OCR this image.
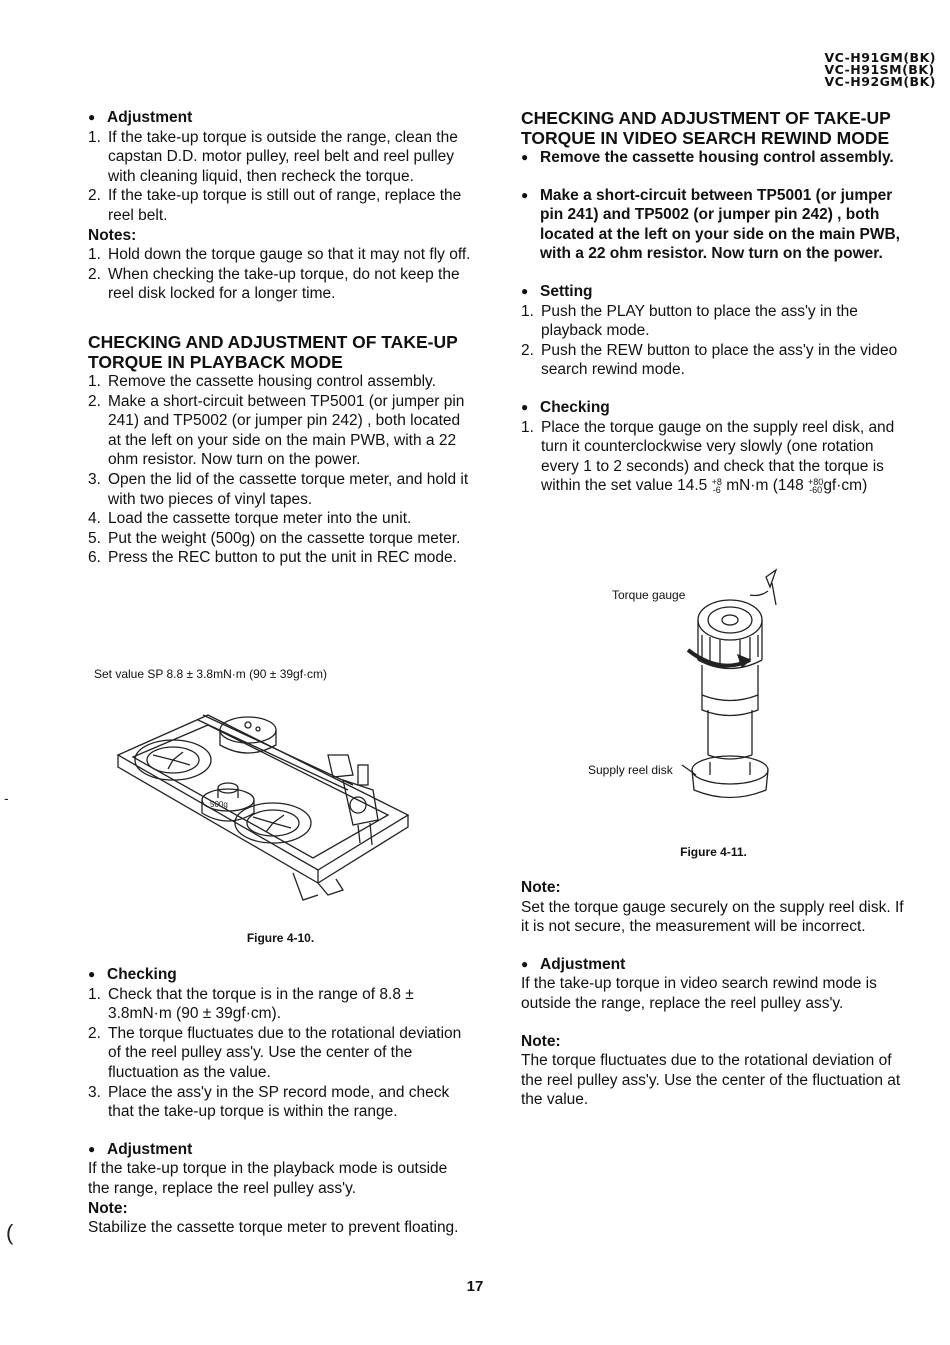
VC-H91GM(BK)
VC-H91SM(BK)
VC-H92GM(BK)

● Adjustment

1. If the take-up torque is outside the range, clean the capstan D.D. motor pulley, reel belt and reel pulley with cleaning liquid, then recheck the torque.
2. If the take-up torque is still out of range, replace the reel belt.

Notes:

1. Hold down the torque gauge so that it may not fly off.
2. When checking the take-up torque, do not keep the reel disk locked for a longer time.

CHECKING AND ADJUSTMENT OF TAKE-UP
TORQUE IN PLAYBACK MODE

1. Remove the cassette housing control assembly.
2. Make a short-circuit between TP5001 (or jumper pin 241) and TP5002 (or jumper pin 242) , both located at the left on your side on the main PWB, with a 22 ohm resistor. Now turn on the power.
3. Open the lid of the cassette torque meter, and hold it with two pieces of vinyl tapes.
4. Load the cassette torque meter into the unit.
5. Put the weight (500g) on the cassette torque meter.
6. Press the REC button to put the unit in REC mode.
Set value SP 8.8 ± 3.8mN·m (90 ± 39gf·cm)
500g
Figure 4-10.

● Checking

1. Check that the torque is in the range of 8.8 ± 3.8mN·m (90 ± 39gf·cm).
2. The torque fluctuates due to the rotational deviation of the reel pulley ass'y. Use the center of the fluctuation as the value.
3. Place the ass'y in the SP record mode, and check that the take-up torque is within the range.

● Adjustment

If the take-up torque in the playback mode is outside the range, replace the reel pulley ass'y.

Note:

Stabilize the cassette torque meter to prevent floating.

CHECKING AND ADJUSTMENT OF TAKE-UP
TORQUE IN VIDEO SEARCH REWIND MODE

● Remove the cassette housing control assembly.

● Make a short-circuit between TP5001 (or jumper pin 241) and TP5002 (or jumper pin 242) , both located at the left on your side on the main PWB, with a 22 ohm resistor. Now turn on the power.

● Setting

1. Push the PLAY button to place the ass'y in the playback mode.
2. Push the REW button to place the ass'y in the video search rewind mode.

● Checking

1. Place the torque gauge on the supply reel disk, and turn it counterclockwise very slowly (one rotation every 1 to 2 seconds) and check that the torque is within the set value 14.5 +8
-6 mN·m (148 +80
-60gf·cm)
Torque gauge
Supply reel disk
Figure 4-11.

Note:

Set the torque gauge securely on the supply reel disk. If it is not secure, the measurement will be incorrect.

● Adjustment

If the take-up torque in video search rewind mode is outside the range, replace the reel pulley ass'y.

Note:

The torque fluctuates due to the rotational deviation of the reel pulley ass'y. Use the center of the fluctuation at the value.

17
-
(
